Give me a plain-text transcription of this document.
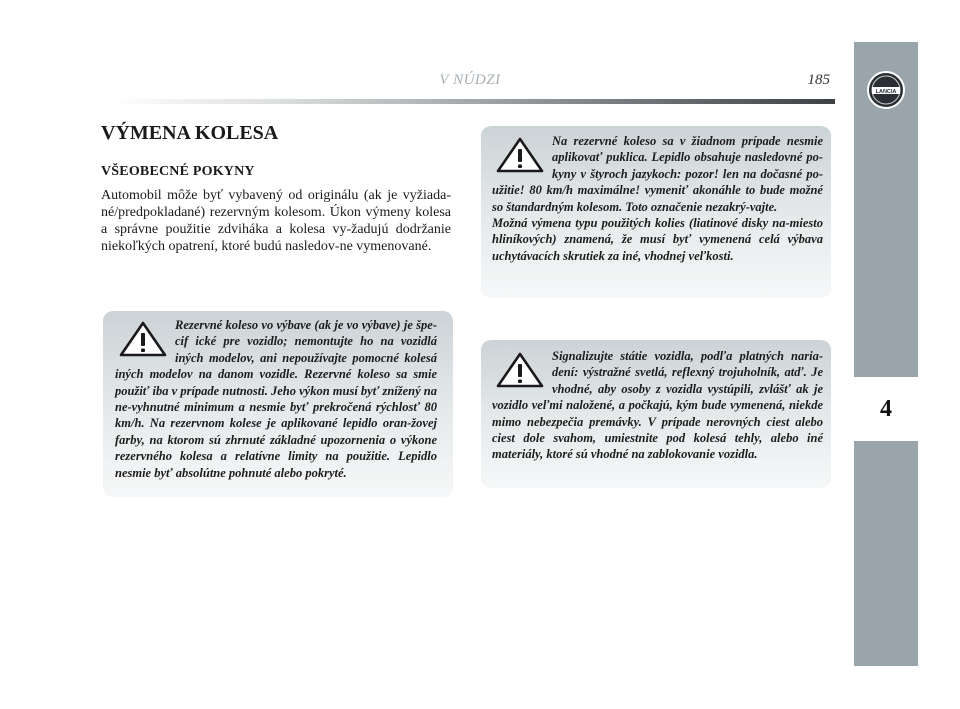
V NÚDZI	185
LANCIA
4
VÝMENA KOLESA
VŠEOBECNÉ POKYNY

Automobil môže byť vybavený od originálu (ak je vyžiada-né/predpokladané) rezervným kolesom. Úkon výmeny kolesa a správne použitie zdviháka a kolesa vy-žadujú dodržanie niekoľkých opatrení, ktoré budú nasledov-ne vymenované.

Rezervné koleso vo výbave (ak je vo výbave) je špe-cif ické pre vozidlo; nemontujte ho na vozidlá iných modelov, ani nepoužívajte pomocné kolesá iných modelov na danom vozidle. Rezervné koleso sa smie použiť iba v prípade nutnosti. Jeho výkon musí byť znížený na ne-vyhnutné minimum a nesmie byť prekročená rýchlosť 80 km/h. Na rezervnom kolese je aplikované lepidlo oran-žovej farby, na ktorom sú zhrnuté základné upozornenia o výkone rezervného kolesa a relatívne limity na použitie. Lepidlo nesmie byť absolútne pohnuté alebo pokryté.

Na rezervné koleso sa v žiadnom prípade nesmie aplikovať puklica. Lepidlo obsahuje nasledovné po-kyny v štyroch jazykoch: pozor! len na dočasné po-užitie! 80 km/h maximálne! vymeniť akonáhle to bude možné so štandardným kolesom. Toto označenie nezakrý-vajte.

Možná výmena typu použitých kolies (liatinové disky na-miesto hliníkových) znamená, že musí byť vymenená celá výbava uchytávacích skrutiek za iné, vhodnej veľkosti.

Signalizujte státie vozidla, podľa platných naria-dení: výstražné svetlá, reflexný trojuholník, atď. Je vhodné, aby osoby z vozidla vystúpili, zvlášť ak je vozidlo veľmi naložené, a počkajú, kým bude vymenená, niekde mimo nebezpečia premávky. V prípade nerovných ciest alebo ciest dole svahom, umiestnite pod kolesá tehly, alebo iné materiály, ktoré sú vhodné na zablokovanie vozidla.
